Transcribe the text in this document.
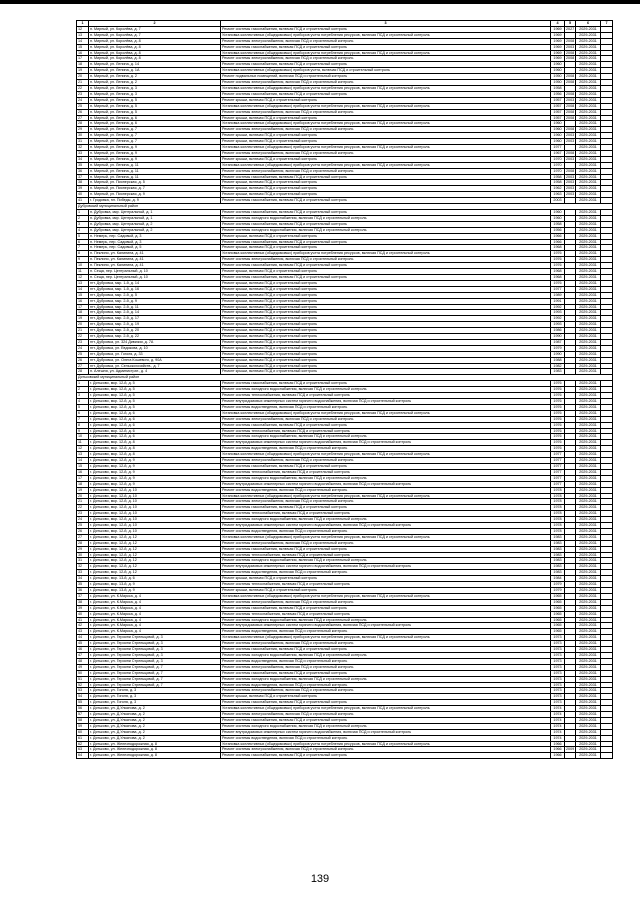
1	2	3	4	5	6	7
12	п. Мирный, ул. Королёва, д. 7	Ремонт системы газоснабжения, включая ПСД и строительный контроль	1969	2027	2029-2031	
13	п. Мирный, ул. Королёва, д. 7	Установка коллективных (общедомовых) приборов учета потребления ресурсов, включая ПСД и строительный контроль	1969		2029-2031	
14	п. Мирный, ул. Королёва, д. 8	Ремонт системы электроснабжения, включая ПСД и строительный контроль	1969	2008	2029-2031	
15	п. Мирный, ул. Королёва, д. 8	Ремонт системы газоснабжения, включая ПСД и строительный контроль	1969	2003	2029-2031	
16	п. Мирный, ул. Королёва, д. 8	Установка коллективных (общедомовых) приборов учета потребления ресурсов, включая ПСД и строительный контроль	1969	2008	2029-2031	
17	п. Мирный, ул. Королёва, д. 8	Ремонт системы электроснабжения, включая ПСД и строительный контроль	1969	2008	2029-2031	
18	п. Мирный, ул. Ленина, д. 14	Ремонт системы газоснабжения, включая ПСД и строительный контроль	1960		2029-2031	
19	п. Мирный, ул. Ленина, д. 1А	Установка коллективных (общедомовых) приборов учета, включая ПСД и строительный контроль	1960		2029-2031	
20	п. Мирный, ул. Ленина, д. 2	Ремонт подвальных помещений, включая ПСД и строительный контроль	1950	2008	2029-2031	
21	п. Мирный, ул. Ленина, д. 2	Ремонт системы электроснабжения, включая ПСД и строительный контроль	1950	2008	2029-2031	
22	п. Мирный, ул. Ленина, д. 3	Установка коллективных (общедомовых) приборов учета потребления ресурсов, включая ПСД и строительный контроль	1958		2029-2031	
23	п. Мирный, ул. Ленина, д. 3	Ремонт системы газоснабжения, включая ПСД и строительный контроль	1956	2008	2029-2031	
24	п. Мирный, ул. Ленина, д. 5	Ремонт крыши, включая ПСД и строительный контроль	1957	2003	2029-2031	
25	п. Мирный, ул. Ленина, д. 5	Установка коллективных (общедомовых) приборов учета потребления ресурсов, включая ПСД и строительный контроль	1957	2008	2029-2031	
26	п. Мирный, ул. Ленина, д. 5	Ремонт системы электроснабжения, включая ПСД и строительный контроль	1957	2008	2029-2031	
27	п. Мирный, ул. Ленина, д. 6	Ремонт крыши, включая ПСД и строительный контроль	1957	2008	2029-2031	
28	п. Мирный, ул. Ленина, д. 6	Установка коллективных (общедомовых) приборов учета потребления ресурсов, включая ПСД и строительный контроль	1960		2029-2031	
29	п. Мирный, ул. Ленина, д. 7	Ремонт системы электроснабжения, включая ПСД и строительный контроль	1960	2008	2029-2031	
30	п. Мирный, ул. Ленина, д. 7	Ремонт крыши, включая ПСД и строительный контроль	1960	2003	2029-2031	
31	п. Мирный, ул. Ленина, д. 7	Ремонт крыши, включая ПСД и строительный контроль	1960	2003	2029-2031	
32	п. Мирный, ул. Ленина, д. 9	Установка коллективных (общедомовых) приборов учета потребления ресурсов, включая ПСД и строительный контроль	1977		2029-2031	
33	п. Мирный, ул. Ленина, д. 9	Ремонт системы электроснабжения, включая ПСД и строительный контроль	1967	2008	2029-2031	
34	п. Мирный, ул. Ленина, д. 9	Ремонт крыши, включая ПСД и строительный контроль	1970	2003	2029-2031	
35	п. Мирный, ул. Ленина, д. 11	Установка коллективных (общедомовых) приборов учета потребления ресурсов, включая ПСД и строительный контроль	1970		2029-2031	
36	п. Мирный, ул. Ленина, д. 11	Ремонт системы электроснабжения, включая ПСД и строительный контроль	1970	2008	2029-2031	
37	п. Мирный, ул. Ленина, д. 11	Ремонт системы газоснабжения, включая ПСД и строительный контроль	1958	2003	2029-2031	
38	п. Мирный, ул. Пионерская, д. 5	Ремонт крыши, включая ПСД и строительный контроль	1958	2003	2029-2031	
39	п. Мирный, ул. Пионерская, д. 7	Ремонт крыши, включая ПСД и строительный контроль	1962	2003	2029-2031	
40	п. Мирный, ул. Пионерская, д. 9	Ремонт крыши, включая ПСД и строительный контроль	1963	2003	2029-2031	
41	г. Гродовка, пл. Победы, д. 9	Ремонт системы газоснабжения, включая ПСД и строительный контроль	2003		2029-2031	
Дубровский муниципальный район						
1	п. Дубровка, мкр. Центральный, д. 1	Ремонт системы газоснабжения, включая ПСД и строительный контроль	1960		2029-2031	
2	п. Дубровка, мкр. Центральный, д. 1	Ремонт системы холодного водоснабжения, включая ПСД и строительный контроль	1960		2029-2031	
3	п. Дубровка, мкр. Центральный, д. 2	Ремонт системы газоснабжения, включая ПСД и строительный контроль	1958		2029-2031	
4	п. Дубровка, мкр. Центральный, д. 2	Ремонт системы холодного водоснабжения, включая ПСД и строительный контроль	1956		2029-2031	
5	п. Немерь, пер. Садовый, д. 3	Ремонт крыши, включая ПСД и строительный контроль	1966		2029-2031	
6	п. Немерь, пер. Садовый, д. 3	Ремонт системы газоснабжения, включая ПСД и строительный контроль	1966		2029-2031	
7	п. Немерь, пер. Садовый, д. 5	Ремонт крыши, включая ПСД и строительный контроль	1968		2029-2031	
8	п. Пеклино, ул. Калинина, д. 41	Установка коллективных (общедомовых) приборов учета потребления ресурсов, включая ПСД и строительный контроль	1976		2029-2031	
9	п. Пеклино, ул. Калинина, д. 41	Ремонт системы электроснабжения, включая ПСД и строительный контроль	1976		2029-2031	
10	п. Пеклино, ул. Калинина, д. 41	Ремонт системы газоснабжения, включая ПСД и строительный контроль	1976		2029-2031	
11	п. Сещa, пер. Центральный, д. 10	Ремонт крыши, включая ПСД и строительный контроль	1968		2029-2031	
12	п. Сеща, пер. Центральный, д. 10	Ремонт системы газоснабжения, включая ПСД и строительный контроль	1968		2029-2031	
13	пгт. Дубровка, мкр. 1-й, д. 14	Ремонт крыши, включая ПСД и строительный контроль	1976		2029-2031	
14	пгт. Дубровка, мкр. 1-й, д. 16	Ремонт крыши, включая ПСД и строительный контроль	1977		2029-2031	
15	пгт. Дубровка, мкр. 2-й, д. 5	Ремонт крыши, включая ПСД и строительный контроль	1989		2029-2031	
16	пгт. Дубровка, мкр. 2-й, д. 9	Ремонт крыши, включая ПСД и строительный контроль	1991		2029-2031	
17	пгт. Дубровка, мкр. 2-й, д. 11	Ремонт крыши, включая ПСД и строительный контроль	1992		2029-2031	
18	пгт. Дубровка, мкр. 2-й, д. 14	Ремонт крыши, включая ПСД и строительный контроль	1993		2029-2031	
19	пгт. Дубровка, мкр. 2-й, д. 17	Ремонт крыши, включая ПСД и строительный контроль	1992		2029-2031	
20	пгт. Дубровка, мкр. 2-й, д. 19	Ремонт крыши, включая ПСД и строительный контроль	1993		2029-2031	
21	пгт. Дубровка, мкр. 2-й, д. 20	Ремонт крыши, включая ПСД и строительный контроль	1986		2029-2031	
22	пгт. Дубровка, мкр. 2-й, д. 22	Ремонт крыши, включая ПСД и строительный контроль	1990		2029-2031	
23	пгт. Дубровка, ул. 324 Дивизии, д. 7А	Ремонт крыши, включая ПСД и строительный контроль	1987		2029-2031	
24	пгт. Дубровка, ул. Евдокова, д. 10	Ремонт крыши, включая ПСД и строительный контроль	1979		2029-2031	
25	пгт. Дубровка, ул. Гоголя, д. 33	Ремонт крыши, включая ПСД и строительный контроль	1990		2029-2031	
26	пгт. Дубровка, ул. Олега Кошевого, д. 90А	Ремонт крыши, включая ПСД и строительный контроль	1988		2029-2031	
27	пгт. Дубровка, ул. Сельскохозяйств., д. 7	Ремонт крыши, включая ПСД и строительный контроль	1982		2029-2031	
28	п. Алешня, ул. Администрат., д. 4	Ремонт крыши, включая ПСД и строительный контроль	1983		2029-2031	
Дятьковский муниципальный район						
1	г. Дятьково, мкр. 12-й, д. 5	Ремонт системы газоснабжения, включая ПСД и строительный контроль	1976		2029-2031	
2	г. Дятьково, мкр. 12-й, д. 5	Ремонт системы холодного водоснабжения, включая ПСД и строительный контроль	1976		2029-2031	
3	г. Дятьково, мкр. 12-й, д. 5	Ремонт системы теплоснабжения, включая ПСД и строительный контроль	1976		2029-2031	
4	г. Дятьково, мкр. 12-й, д. 5	Ремонт внутридомовых инженерных систем горячего водоснабжения, включая ПСД и строительный контроль	1976		2029-2031	
5	г. Дятьково, мкр. 12-й, д. 5	Ремонт системы водоотведения, включая ПСД и строительный контроль	1976		2029-2031	
6	г. Дятьково, мкр. 12-й, д. 6	Установка коллективных (общедомовых) приборов учета потребления ресурсов, включая ПСД и строительный контроль	1976		2029-2031	
7	г. Дятьково, мкр. 12-й, д. 6	Ремонт системы электроснабжения, включая ПСД и строительный контроль	1976		2029-2031	
8	г. Дятьково, мкр. 12-й, д. 6	Ремонт системы газоснабжения, включая ПСД и строительный контроль	1976		2029-2031	
9	г. Дятьково, мкр. 12-й, д. 6	Ремонт системы теплоснабжения, включая ПСД и строительный контроль	1976		2029-2031	
10	г. Дятьково, мкр. 12-й, д. 6	Ремонт системы холодного водоснабжения, включая ПСД и строительный контроль	1976		2029-2031	
11	г. Дятьково, мкр. 12-й, д. 8	Ремонт внутридомовых инженерных систем горячего водоснабжения, включая ПСД и строительный контроль	1976		2029-2031	
12	г. Дятьково, мкр. 12-й, д. 8	Ремонт системы водоотведения, включая ПСД и строительный контроль	1976		2029-2031	
13	г. Дятьково, мкр. 12-й, д. 8	Установка коллективных (общедомовых) приборов учета потребления ресурсов, включая ПСД и строительный контроль	1977		2029-2031	
14	г. Дятьково, мкр. 12-й, д. 9	Ремонт системы электроснабжения, включая ПСД и строительный контроль	1977		2029-2031	
15	г. Дятьково, мкр. 12-й, д. 9	Ремонт системы газоснабжения, включая ПСД и строительный контроль	1977		2029-2031	
16	г. Дятьково, мкр. 12-й, д. 9	Ремонт системы теплоснабжения, включая ПСД и строительный контроль	1977		2029-2031	
17	г. Дятьково, мкр. 12-й, д. 9	Ремонт системы холодного водоснабжения, включая ПСД и строительный контроль	1977		2029-2031	
18	г. Дятьково, мкр. 12-й, д. 9	Ремонт внутридомовых инженерных систем горячего водоснабжения, включая ПСД и строительный контроль	1977		2029-2031	
19	г. Дятьково, мкр. 12-й, д. 10	Ремонт системы водоотведения, включая ПСД и строительный контроль	1978		2029-2031	
20	г. Дятьково, мкр. 12-й, д. 10	Установка коллективных (общедомовых) приборов учета потребления ресурсов, включая ПСД и строительный контроль	1978		2029-2031	
21	г. Дятьково, мкр. 12-й, д. 10	Ремонт системы электроснабжения, включая ПСД и строительный контроль	1978		2029-2031	
22	г. Дятьково, мкр. 12-й, д. 10	Ремонт системы газоснабжения, включая ПСД и строительный контроль	1978		2029-2031	
23	г. Дятьково, мкр. 12-й, д. 10	Ремонт системы теплоснабжения, включая ПСД и строительный контроль	1978		2029-2031	
24	г. Дятьково, мкр. 12-й, д. 10	Ремонт системы холодного водоснабжения, включая ПСД и строительный контроль	1978		2029-2031	
25	г. Дятьково, мкр. 12-й, д. 10	Ремонт внутридомовых инженерных систем горячего водоснабжения, включая ПСД и строительный контроль	1978		2029-2031	
26	г. Дятьково, мкр. 12-й, д. 10	Ремонт системы водоотведения, включая ПСД и строительный контроль	1978		2029-2031	
27	г. Дятьково, мкр. 12-й, д. 12	Установка коллективных (общедомовых) приборов учета потребления ресурсов, включая ПСД и строительный контроль	1983		2029-2031	
28	г. Дятьково, мкр. 12-й, д. 12	Ремонт системы электроснабжения, включая ПСД и строительный контроль	1983		2029-2031	
29	г. Дятьково, мкр. 12-й, д. 12	Ремонт системы газоснабжения, включая ПСД и строительный контроль	1983		2029-2031	
30	г. Дятьково, мкр. 12-й, д. 12	Ремонт системы теплоснабжения, включая ПСД и строительный контроль	1983		2029-2031	
31	г. Дятьково, мкр. 12-й, д. 12	Ремонт системы холодного водоснабжения, включая ПСД и строительный контроль	1983		2029-2031	
32	г. Дятьково, мкр. 12-й, д. 12	Ремонт внутридомовых инженерных систем горячего водоснабжения, включая ПСД и строительный контроль	1983		2029-2031	
33	г. Дятьково, мкр. 12-й, д. 12	Ремонт системы водоотведения, включая ПСД и строительный контроль	1983		2029-2031	
34	г. Дятьково, мкр. 13-й, д. 6	Ремонт крыши, включая ПСД и строительный контроль	1984		2029-2031	
35	г. Дятьково, мкр. 13-й, д. 9	Ремонт системы теплоснабжения, включая ПСД и строительный контроль	1979		2029-2031	
36	г. Дятьково, мкр. 13-й, д. 9	Ремонт крыши, включая ПСД и строительный контроль	1979		2029-2031	
37	г. Дятьково, ул. К.Маркса, д. 4	Установка коллективных (общедомовых) приборов учета потребления ресурсов, включая ПСД и строительный контроль	1965		2029-2031	
38	г. Дятьково, ул. К.Маркса, д. 4	Ремонт системы электроснабжения, включая ПСД и строительный контроль	1965		2029-2031	
39	г. Дятьково, ул. К.Маркса, д. 4	Ремонт системы газоснабжения, включая ПСД и строительный контроль	1965		2029-2031	
40	г. Дятьково, ул. К.Маркса, д. 4	Ремонт системы теплоснабжения, включая ПСД и строительный контроль	1965		2029-2031	
41	г. Дятьково, ул. К.Маркса, д. 4	Ремонт системы холодного водоснабжения, включая ПСД и строительный контроль	1965		2029-2031	
42	г. Дятьково, ул. К.Маркса, д. 4	Ремонт внутридомовых инженерных систем горячего водоснабжения, включая ПСД и строительный контроль	1965		2029-2031	
43	г. Дятьково, ул. К.Маркса, д. 4	Ремонт системы водоотведения, включая ПСД и строительный контроль	1965		2029-2031	
44	г. Дятьково, ул. Героини Стрельцовой, д. 3	Установка коллективных (общедомовых) приборов учета потребления ресурсов, включая ПСД и строительный контроль	1973		2029-2031	
45	г. Дятьково, ул. Героини Стрельцовой, д. 3	Ремонт системы электроснабжения, включая ПСД и строительный контроль	1973		2029-2031	
46	г. Дятьково, ул. Героини Стрельцовой, д. 3	Ремонт системы газоснабжения, включая ПСД и строительный контроль	1973		2029-2031	
47	г. Дятьково, ул. Героини Стрельцовой, д. 3	Ремонт системы холодного водоснабжения, включая ПСД и строительный контроль	1973		2029-2031	
48	г. Дятьково, ул. Героини Стрельцовой, д. 3	Ремонт системы водоотведения, включая ПСД и строительный контроль	1973		2029-2031	
49	г. Дятьково, ул. Героини Стрельцовой, д. 7	Ремонт системы электроснабжения, включая ПСД и строительный контроль	1973		2029-2031	
50	г. Дятьково, ул. Героини Стрельцовой, д. 7	Ремонт системы газоснабжения, включая ПСД и строительный контроль	1973		2029-2031	
51	г. Дятьково, ул. Героини Стрельцовой, д. 7	Ремонт системы холодного водоснабжения, включая ПСД и строительный контроль	1973		2029-2031	
52	г. Дятьково, ул. Героини Стрельцовой, д. 7	Ремонт системы водоотведения, включая ПСД и строительный контроль	1973		2029-2031	
53	г. Дятьково, ул. Гоголя, д. 3	Ремонт системы электроснабжения, включая ПСД и строительный контроль	1973		2029-2031	
54	г. Дятьково, ул. Гоголя, д. 3	Ремонт крыши, включая ПСД и строительный контроль	1973		2029-2031	
55	г. Дятьково, ул. Гоголя, д. 3	Ремонт системы газоснабжения, включая ПСД и строительный контроль	1973		2029-2031	
56	г. Дятьково, ул. Д.Ульянова, д. 2	Установка коллективных (общедомовых) приборов учета потребления ресурсов, включая ПСД и строительный контроль	1974		2029-2031	
57	г. Дятьково, ул. Д.Ульянова, д. 2	Ремонт системы электроснабжения, включая ПСД и строительный контроль	1974		2029-2031	
58	г. Дятьково, ул. Д.Ульянова, д. 2	Ремонт системы газоснабжения, включая ПСД и строительный контроль	1974		2029-2031	
59	г. Дятьково, ул. Д.Ульянова, д. 2	Ремонт системы холодного водоснабжения, включая ПСД и строительный контроль	1974		2029-2031	
60	г. Дятьково, ул. Д.Ульянова, д. 2	Ремонт внутридомовых инженерных систем горячего водоснабжения, включая ПСД и строительный контроль	1974		2029-2031	
61	г. Дятьково, ул. Д.Ульянова, д. 2	Ремонт системы водоотведения, включая ПСД и строительный контроль	1974		2029-2031	
62	г. Дятьково, ул. Железнодорожная, д. 8	Установка коллективных (общедомовых) приборов учета потребления ресурсов, включая ПСД и строительный контроль	1966		2029-2031	
63	г. Дятьково, ул. Железнодорожная, д. 8	Ремонт системы электроснабжения, включая ПСД и строительный контроль	1966	2009	2029-2031	
64	г. Дятьково, ул. Железнодорожная, д. 8	Ремонт системы газоснабжения, включая ПСД и строительный контроль	1966		2029-2031	
139
